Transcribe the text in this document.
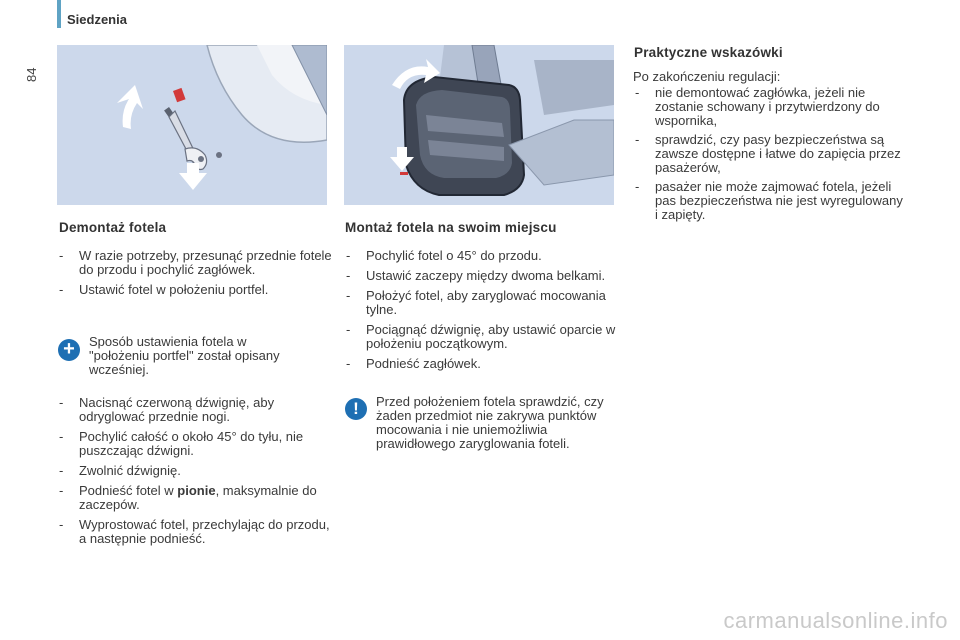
Siedzenia
84
Demontaż fotela
- W razie potrzeby, przesunąć przednie fotele do przodu i pochylić zagłówek.
- Ustawić fotel w położeniu portfel.
+	Sposób ustawienia fotela w "położeniu portfel" został opisany wcześniej.
- Nacisnąć czerwoną dźwignię, aby odryglować przednie nogi.
- Pochylić całość o około 45° do tyłu, nie puszczając dźwigni.
- Zwolnić dźwignię.
- Podnieść fotel w pionie, maksymalnie do zaczepów.
- Wyprostować fotel, przechylając do przodu, a następnie podnieść.
Montaż fotela na swoim miejscu
- Pochylić fotel o 45° do przodu.
- Ustawić zaczepy między dwoma belkami.
- Położyć fotel, aby zaryglować mocowania tylne.
- Pociągnąć dźwignię, aby ustawić oparcie w położeniu początkowym.
- Podnieść zagłówek.
!	Przed położeniem fotela sprawdzić, czy żaden przedmiot nie zakrywa punktów mocowania i nie uniemożliwia prawidłowego zaryglowania foteli.
Praktyczne wskazówki
Po zakończeniu regulacji:
- nie demontować zagłówka, jeżeli nie zostanie schowany i przytwierdzony do wspornika,
- sprawdzić, czy pasy bezpieczeństwa są zawsze dostępne i łatwe do zapięcia przez pasażerów,
- pasażer nie może zajmować fotela, jeżeli pas bezpieczeństwa nie jest wyregulowany i zapięty.
carmanualsonline.info
